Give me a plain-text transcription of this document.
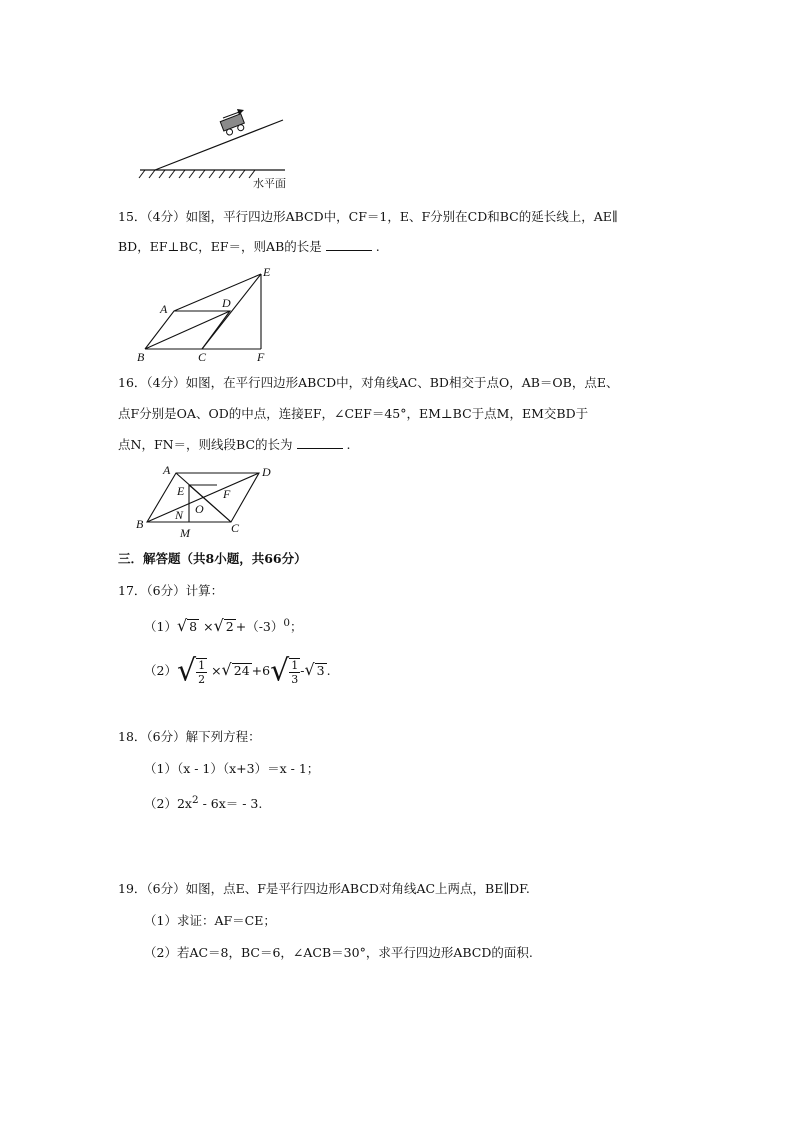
水平面
15．（4分）如图，平行四边形ABCD中，CF＝1，E、F分别在CD和BC的延长线上，AE∥
BD，EF⊥BC，EF＝，则AB的长是	.
A
B	C
D
E
F
16．（4分）如图，在平行四边形ABCD中，对角线AC、BD相交于点O，AB＝OB，点E、
点F分别是OA、OD的中点，连接EF，∠CEF＝45°，EM⊥BC于点M，EM交BD于
点N，FN＝，则线段BC的长为	.
A
B	C
D
E	F
N O
M
三．解答题（共8小题，共66分）
17．（6分）计算：
（1）√ 8 ×√ $2 +(-3)^0$；
$(2)√ \frac{1}{2}$ ×√ $24 +6√ \frac{1}{3}$ -√ 3 .
18．（6分）解下列方程：
（1）（x - 1）（x+3）＝x - 1；
$(2)2x^2 - 6x= - 3$.
19．（6分）如图，点E、F是平行四边形ABCD对角线AC上两点，BE∥DF.
（1）求证：AF＝CE；
（2）若AC＝8，BC＝6，∠ACB＝30°，求平行四边形ABCD的面积.
